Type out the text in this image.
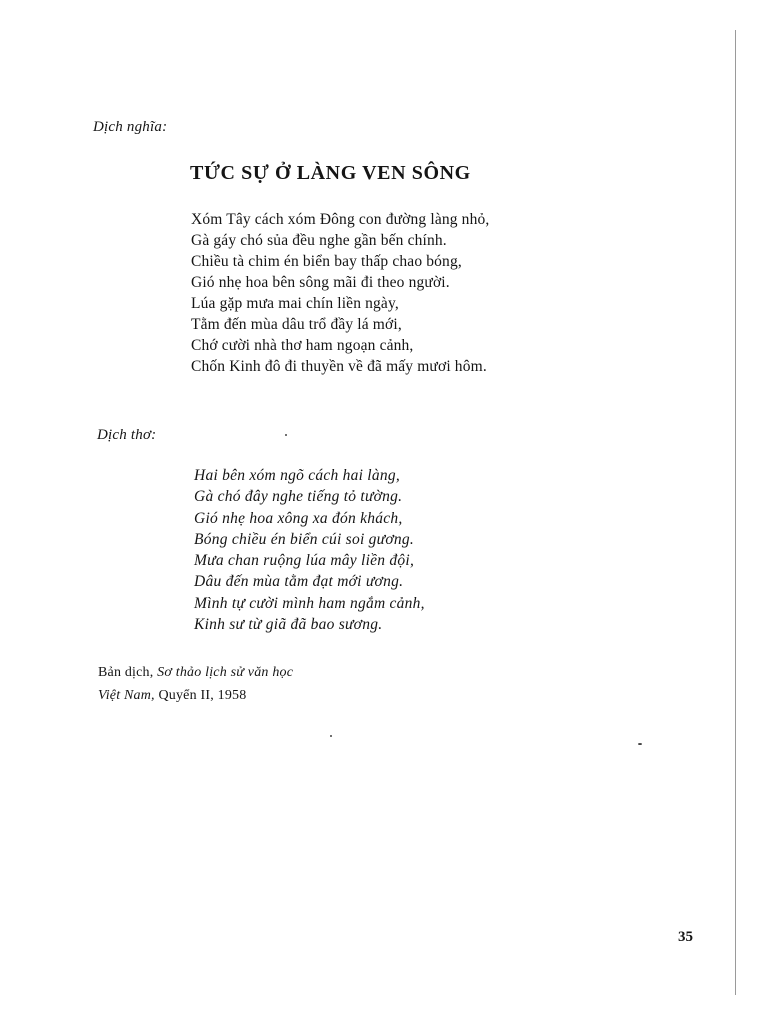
Dịch nghĩa:
TỨC SỰ Ở LÀNG VEN SÔNG
Xóm Tây cách xóm Đông con đường làng nhỏ,
Gà gáy chó sủa đều nghe gần bến chính.
Chiều tà chim én biển bay thấp chao bóng,
Gió nhẹ hoa bên sông mãi đi theo người.
Lúa gặp mưa mai chín liền ngày,
Tằm đến mùa dâu trổ đầy lá mới,
Chớ cười nhà thơ ham ngoạn cảnh,
Chốn Kinh đô đi thuyền về đã mấy mươi hôm.
Dịch thơ:
Hai bên xóm ngõ cách hai làng,
Gà chó đây nghe tiếng tỏ tường.
Gió nhẹ hoa xông xa đón khách,
Bóng chiều én biển cúi soi gương.
Mưa chan ruộng lúa mây liền đội,
Dâu đến mùa tằm đạt mới ương.
Mình tự cười mình ham ngắm cảnh,
Kinh sư từ giã đã bao sương.
Bản dịch, Sơ thảo lịch sử văn học
Việt Nam, Quyển II, 1958
35
